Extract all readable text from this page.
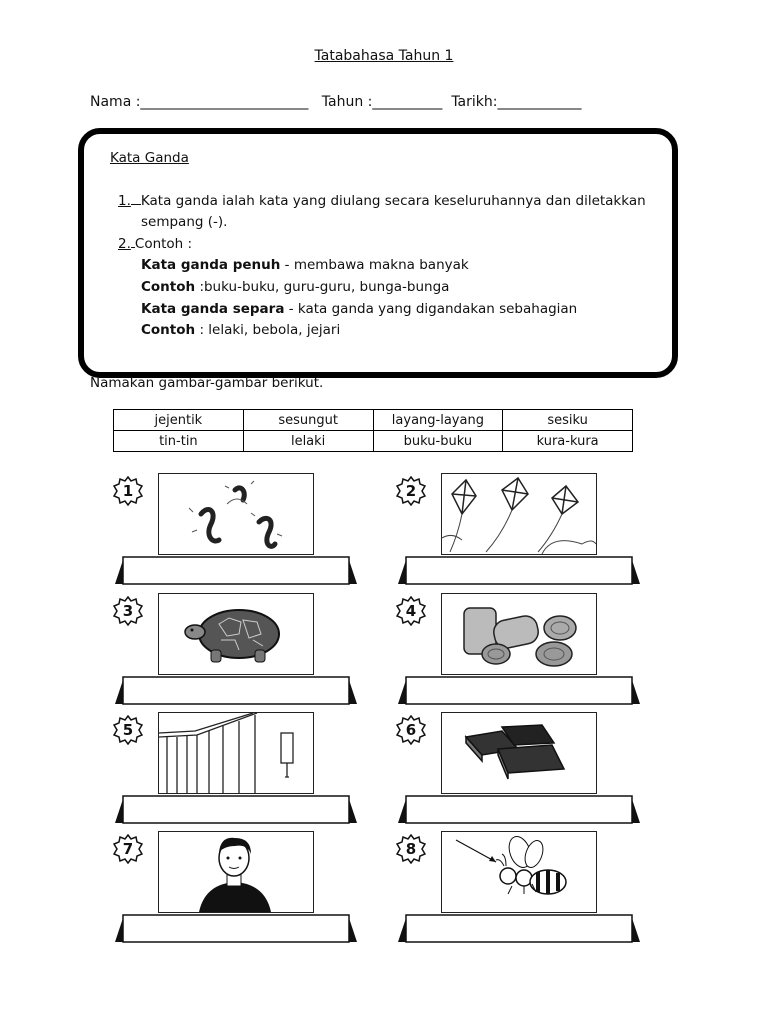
Tatabahasa Tahun 1
Nama :________________________ Tahun :__________ Tarikh:____________
Kata Ganda
1. Kata ganda ialah kata yang diulang secara keseluruhannya dan diletakkan
sempang (-).
2. Contoh :
Kata ganda penuh - membawa makna banyak
Contoh :buku-buku, guru-guru, bunga-bunga
Kata ganda separa - kata ganda yang digandakan sebahagian
Contoh : lelaki, bebola, jejari
Namakan gambar-gambar berikut.
jejentik	sesungut	layang-layang	sesiku
tin-tin	lelaki	buku-buku	kura-kura
1	2
3	4
5	6
7	8
